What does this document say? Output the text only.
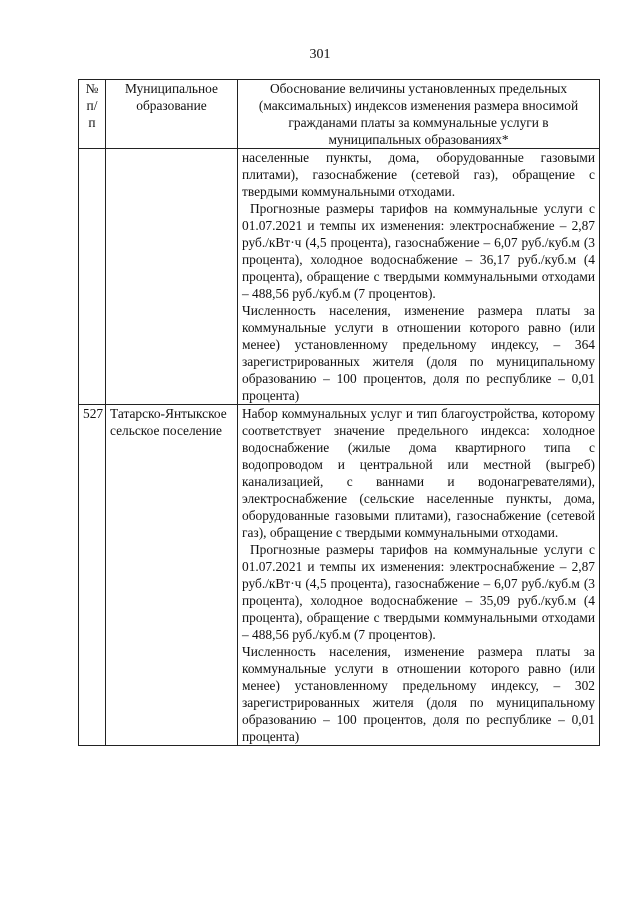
301
№ п/п	Муниципальное образование	Обоснование величины установленных предельных (максимальных) индексов изменения размера вносимой гражданами платы за коммунальные услуги в муниципальных образованиях*

		населенные пункты, дома, оборудованные газовыми плитами), газоснабжение (сетевой газ), обращение с твердыми коммунальными отходами.

Прогнозные размеры тарифов на коммунальные услуги с 01.07.2021 и темпы их изменения: электроснабжение – 2,87 руб./кВт·ч (4,5 процента), газоснабжение – 6,07 руб./куб.м (3 процента), холодное водоснабжение – 36,17 руб./куб.м (4 процента), обращение с твердыми коммунальными отходами – 488,56 руб./куб.м (7 процентов).

Численность населения, изменение размера платы за коммунальные услуги в отношении которого равно (или менее) установленному предельному индексу, – 364 зарегистрированных жителя (доля по муниципальному образованию – 100 процентов, доля по республике – 0,01 процента)

527	Татарско-Янтыкское сельское поселение	Набор коммунальных услуг и тип благоустройства, которому соответствует значение предельного индекса: холодное водоснабжение (жилые дома квартирного типа с водопроводом и центральной или местной (выгреб) канализацией, с ваннами и водонагревателями), электроснабжение (сельские населенные пункты, дома, оборудованные газовыми плитами), газоснабжение (сетевой газ), обращение с твердыми коммунальными отходами.

Прогнозные размеры тарифов на коммунальные услуги с 01.07.2021 и темпы их изменения: электроснабжение – 2,87 руб./кВт·ч (4,5 процента), газоснабжение – 6,07 руб./куб.м (3 процента), холодное водоснабжение – 35,09 руб./куб.м (4 процента), обращение с твердыми коммунальными отходами – 488,56 руб./куб.м (7 процентов).

Численность населения, изменение размера платы за коммунальные услуги в отношении которого равно (или менее) установленному предельному индексу, – 302 зарегистрированных жителя (доля по муниципальному образованию – 100 процентов, доля по республике – 0,01 процента)
